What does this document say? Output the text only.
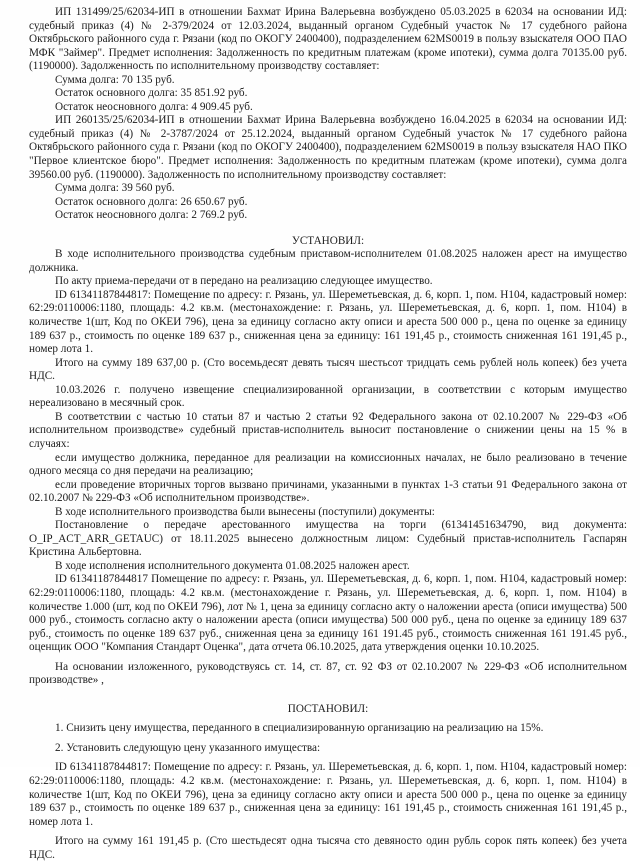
ИП 131499/25/62034-ИП в отношении Бахмат Ирина Валерьевна возбуждено 05.03.2025 в 62034 на основании ИД: судебный приказ (4) № 2-379/2024 от 12.03.2024, выданный органом Судебный участок № 17 судебного района Октябрьского районного суда г. Рязани (код по ОКОГУ 2400400), подразделением 62MS0019 в пользу взыскателя ООО ПАО МФК "Займер". Предмет исполнения: Задолженность по кредитным платежам (кроме ипотеки), сумма долга 70135.00 руб. (1190000). Задолженность по исполнительному производству составляет:

Сумма долга: 70 135 руб.

Остаток основного долга: 35 851.92 руб.

Остаток неосновного долга: 4 909.45 руб.

ИП 260135/25/62034-ИП в отношении Бахмат Ирина Валерьевна возбуждено 16.04.2025 в 62034 на основании ИД: судебный приказ (4) № 2-3787/2024 от 25.12.2024, выданный органом Судебный участок № 17 судебного района Октябрьского районного суда г. Рязани (код по ОКОГУ 2400400), подразделением 62MS0019 в пользу взыскателя НАО ПКО "Первое клиентское бюро". Предмет исполнения: Задолженность по кредитным платежам (кроме ипотеки), сумма долга 39560.00 руб. (1190000). Задолженность по исполнительному производству составляет:

Сумма долга: 39 560 руб.

Остаток основного долга: 26 650.67 руб.

Остаток неосновного долга: 2 769.2 руб.

УСТАНОВИЛ:

В ходе исполнительного производства судебным приставом-исполнителем 01.08.2025 наложен арест на имущество должника.

По акту приема-передачи от в передано на реализацию следующее имущество.

ID 61341187844817: Помещение по адресу: г. Рязань, ул. Шереметьевская, д. 6, корп. 1, пом. Н104, кадастровый номер: 62:29:0110006:1180, площадь: 4.2 кв.м. (местонахождение: г. Рязань, ул. Шереметьевская, д. 6, корп. 1, пом. Н104) в количестве 1(шт, Код по ОКЕИ 796), цена за единицу согласно акту описи и ареста 500 000 р., цена по оценке за единицу 189 637 р., стоимость по оценке 189 637 р., сниженная цена за единицу: 161 191,45 р., стоимость сниженная 161 191,45 р., номер лота 1.

Итого на сумму 189 637,00 р. (Сто восемьдесят девять тысяч шестьсот тридцать семь рублей ноль копеек) без учета НДС.

10.03.2026 г. получено извещение специализированной организации, в соответствии с которым имущество нереализовано в месячный срок.

В соответствии с частью 10 статьи 87 и частью 2 статьи 92 Федерального закона от 02.10.2007 № 229-ФЗ «Об исполнительном производстве» судебный пристав-исполнитель выносит постановление о снижении цены на 15 % в случаях:

если имущество должника, переданное для реализации на комиссионных началах, не было реализовано в течение одного месяца со дня передачи на реализацию;

если проведение вторичных торгов вызвано причинами, указанными в пунктах 1-3 статьи 91 Федерального закона от 02.10.2007 № 229-ФЗ «Об исполнительном производстве».

В ходе исполнительного производства были вынесены (поступили) документы:

Постановление о передаче арестованного имущества на торги (61341451634790, вид документа: O_IP_ACT_ARR_GETAUC) от 18.11.2025 вынесено должностным лицом: Судебный пристав-исполнитель Гаспарян Кристина Альбертовна.

В ходе исполнения исполнительного документа 01.08.2025 наложен арест.

ID 61341187844817 Помещение по адресу: г. Рязань, ул. Шереметьевская, д. 6, корп. 1, пом. Н104, кадастровый номер: 62:29:0110006:1180, площадь: 4.2 кв.м. (местонахождение г. Рязань, ул. Шереметьевская, д. 6, корп. 1, пом. Н104) в количестве 1.000 (шт, код по ОКЕИ 796), лот № 1, цена за единицу согласно акту о наложении ареста (описи имущества) 500 000 руб., стоимость согласно акту о наложении ареста (описи имущества) 500 000 руб., цена по оценке за единицу 189 637 руб., стоимость по оценке 189 637 руб., сниженная цена за единицу 161 191.45 руб., стоимость сниженная 161 191.45 руб., оценщик ООО "Компания Стандарт Оценка", дата отчета 06.10.2025, дата утверждения оценки 10.10.2025.

На основании изложенного, руководствуясь ст. 14, ст. 87, ст. 92 ФЗ от 02.10.2007 № 229-ФЗ «Об исполнительном производстве» ,

ПОСТАНОВИЛ:

1. Снизить цену имущества, переданного в специализированную организацию на реализацию на 15%.

2. Установить следующую цену указанного имущества:

ID 61341187844817: Помещение по адресу: г. Рязань, ул. Шереметьевская, д. 6, корп. 1, пом. Н104, кадастровый номер: 62:29:0110006:1180, площадь: 4.2 кв.м. (местонахождение: г. Рязань, ул. Шереметьевская, д. 6, корп. 1, пом. Н104) в количестве 1(шт, Код по ОКЕИ 796), цена за единицу согласно акту описи и ареста 500 000 р., цена по оценке за единицу 189 637 р., стоимость по оценке 189 637 р., сниженная цена за единицу: 161 191,45 р., стоимость сниженная 161 191,45 р., номер лота 1.

Итого на сумму 161 191,45 р. (Сто шестьдесят одна тысяча сто девяносто один рубль сорок пять копеек) без учета НДС.
